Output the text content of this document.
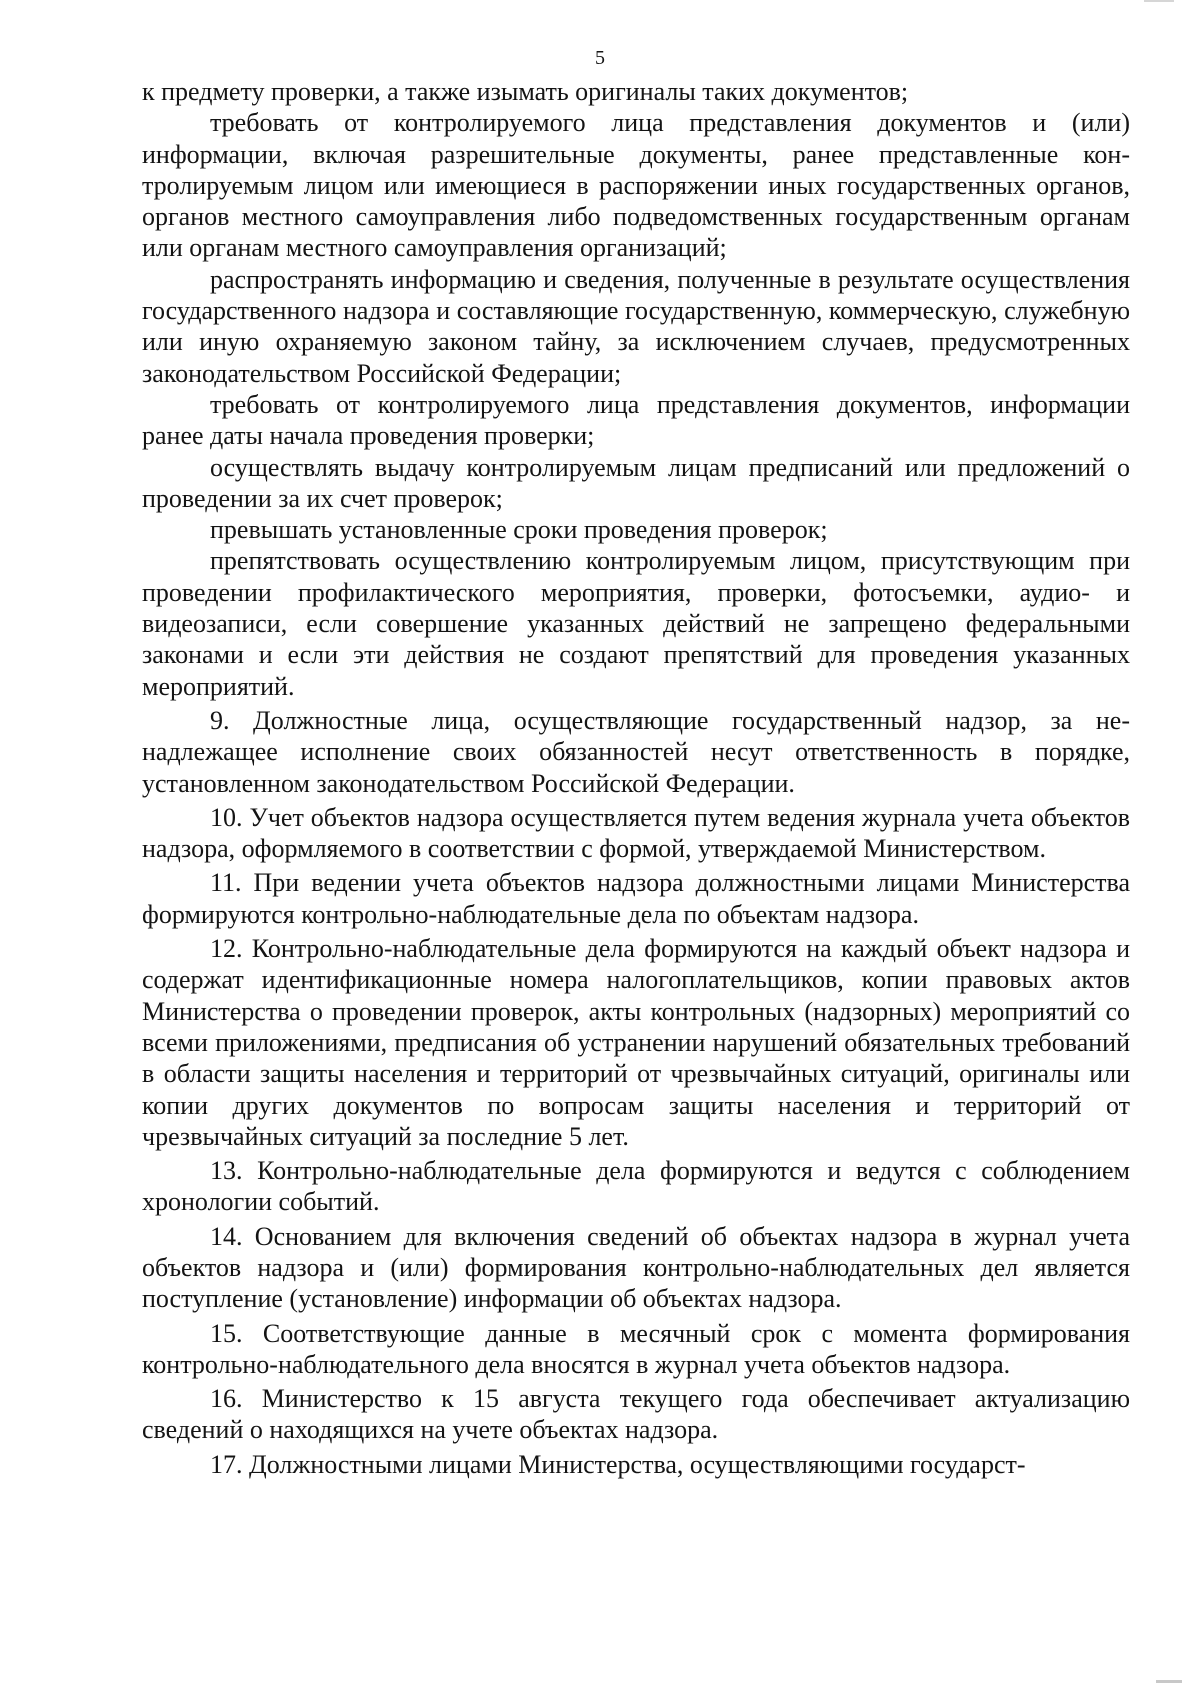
5

к предмету проверки, а также изымать оригиналы таких документов;

требовать от контролируемого лица представления документов и (или) информации, включая разрешительные документы, ранее представленные контролируемым лицом или имеющиеся в распоряжении иных государственных органов, органов местного самоуправления либо подведомственных государственным органам или органам местного самоуправления организаций;

распространять информацию и сведения, полученные в результате осуществления государственного надзора и составляющие государственную, коммерческую, служебную или иную охраняемую законом тайну, за исключением случаев, предусмотренных законодательством Российской Федерации;

требовать от контролируемого лица представления документов, информации ранее даты начала проведения проверки;

осуществлять выдачу контролируемым лицам предписаний или предложений о проведении за их счет проверок;

превышать установленные сроки проведения проверок;

препятствовать осуществлению контролируемым лицом, присутствующим при проведении профилактического мероприятия, проверки, фотосъемки, аудио- и видеозаписи, если совершение указанных действий не запрещено федеральными законами и если эти действия не создают препятствий для проведения указанных мероприятий.

9. Должностные лица, осуществляющие государственный надзор, за ненадлежащее исполнение своих обязанностей несут ответственность в порядке, установленном законодательством Российской Федерации.

10. Учет объектов надзора осуществляется путем ведения журнала учета объектов надзора, оформляемого в соответствии с формой, утверждаемой Министерством.

11. При ведении учета объектов надзора должностными лицами Министерства формируются контрольно-наблюдательные дела по объектам надзора.

12. Контрольно-наблюдательные дела формируются на каждый объект надзора и содержат идентификационные номера налогоплательщиков, копии правовых актов Министерства о проведении проверок, акты контрольных (надзорных) мероприятий со всеми приложениями, предписания об устранении нарушений обязательных требований в области защиты населения и территорий от чрезвычайных ситуаций, оригиналы или копии других документов по вопросам защиты населения и территорий от чрезвычайных ситуаций за последние 5 лет.

13. Контрольно-наблюдательные дела формируются и ведутся с соблюдением хронологии событий.

14. Основанием для включения сведений об объектах надзора в журнал учета объектов надзора и (или) формирования контрольно-наблюдательных дел является поступление (установление) информации об объектах надзора.

15. Соответствующие данные в месячный срок с момента формирования контрольно-наблюдательного дела вносятся в журнал учета объектов надзора.

16. Министерство к 15 августа текущего года обеспечивает актуализацию сведений о находящихся на учете объектах надзора.

17. Должностными лицами Министерства, осуществляющими государст-
